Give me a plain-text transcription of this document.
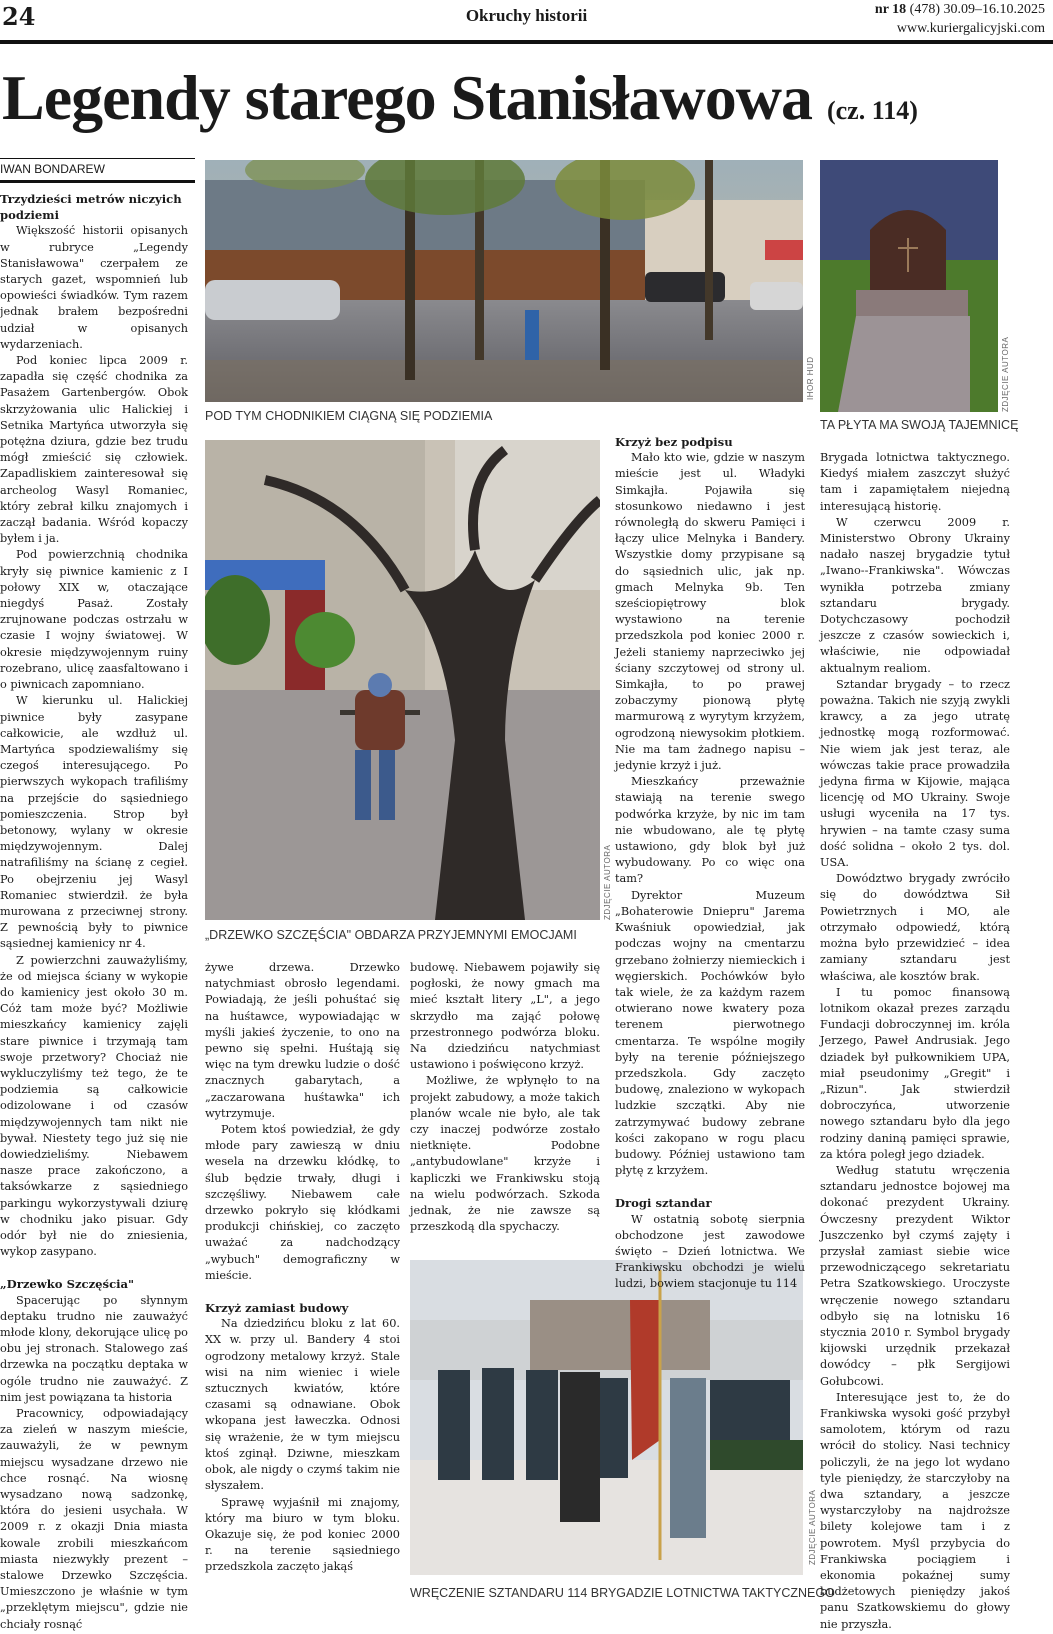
24	Okruchy historii	nr 18 (478) 30.09–16.10.2025
www.kuriergalicyjski.com
Legendy starego Stanisławowa (cz. 114)
IWAN BONDAREW
IHOR HUD
POD TYM CHODNIKIEM CIĄGNĄ SIĘ PODZIEMIA
ZDJĘCIE AUTORA
TA PŁYTA MA SWOJĄ TAJEMNICĘ
ZDJĘCIE AUTORA
„DRZEWKO SZCZĘŚCIA" OBDARZA PRZYJEMNYMI EMOCJAMI
ZDJĘCIE AUTORA
WRĘCZENIE SZTANDARU 114 BRYGADZIE LOTNICTWA TAKTYCZNEGO
Trzydzieści metrów niczyich podziemi

Większość historii opisanych w rubryce „Legendy Stanisławowa" czerpałem ze starych gazet, wspomnień lub opowieści świadków. Tym razem jednak brałem bezpośredni udział w opisanych wydarzeniach.

Pod koniec lipca 2009 r. zapadła się część chodnika za Pasażem Gartenbergów. Obok skrzyżowania ulic Halickiej i Setnika Martyńca utworzyła się potężna dziura, gdzie bez trudu mógł zmieścić się człowiek. Zapadliskiem zainteresował się archeolog Wasyl Romaniec, który zebrał kilku znajomych i zaczął badania. Wśród kopaczy byłem i ja.

Pod powierzchnią chodnika kryły się piwnice kamienic z I połowy XIX w, otaczające niegdyś Pasaż. Zostały zrujnowane podczas ostrzału w czasie I wojny światowej. W okresie międzywojennym ruiny rozebrano, ulicę zaasfaltowano i o piwnicach zapomniano.

W kierunku ul. Halickiej piwnice były zasypane całkowicie, ale wzdłuż ul. Martyńca spodziewaliśmy się czegoś interesującego. Po pierwszych wykopach trafiliśmy na przejście do sąsiedniego pomieszczenia. Strop był betonowy, wylany w okresie międzywojennym. Dalej natrafiliśmy na ścianę z cegieł. Po obejrzeniu jej Wasyl Romaniec stwierdził. że była murowana z przeciwnej strony. Z pewnością były to piwnice sąsiednej kamienicy nr 4.

Z powierzchni zauważyliśmy, że od miejsca ściany w wykopie do kamienicy jest około 30 m. Cóż tam może być? Możliwie mieszkańcy kamienicy zajęli stare piwnice i trzymają tam swoje przetwory? Chociaż nie wykluczyliśmy też tego, że te podziemia są całkowicie odizolowane i od czasów międzywojennych tam nikt nie bywał. Niestety tego już się nie dowiedzieliśmy. Niebawem nasze prace zakończono, a taksówkarze z sąsiedniego parkingu wykorzystywali dziurę w chodniku jako pisuar. Gdy odór był nie do zniesienia, wykop zasypano.

„Drzewko Szczęścia"

Spacerując po słynnym deptaku trudno nie zauważyć młode klony, dekorujące ulicę po obu jej stronach. Stalowego zaś drzewka na początku deptaka w ogóle trudno nie zauważyć. Z nim jest powiązana ta historia

Pracownicy, odpowiadający za zieleń w naszym mieście, zauważyli, że w pewnym miejscu wysadzane drzewo nie chce rosnąć. Na wiosnę wysadzano nową sadzonkę, która do jesieni usychała. W 2009 r. z okazji Dnia miasta kowale zrobili mieszkańcom miasta niezwykły prezent – stalowe Drzewko Szczęścia. Umieszczono je właśnie w tym „przeklętym miejscu", gdzie nie chciały rosnąć

żywe drzewa. Drzewko natychmiast obrosło legendami. Powiadają, że jeśli pohuśtać się na huśtawce, wypowiadając w myśli jakieś życzenie, to ono na pewno się spełni. Huśtają się więc na tym drewku ludzie o dość znacznych gabarytach, a „zaczarowana huśtawka" ich wytrzymuje.

Potem ktoś powiedział, że gdy młode pary zawieszą w dniu wesela na drzewku kłódkę, to ślub będzie trwały, długi i szczęśliwy. Niebawem całe drzewko pokryło się kłódkami produkcji chińskiej, co zaczęto uważać za nadchodzący „wybuch" demograficzny w mieście.

Krzyż zamiast budowy

Na dziedzińcu bloku z lat 60. XX w. przy ul. Bandery 4 stoi ogrodzony metalowy krzyż. Stale wisi na nim wieniec i wiele sztucznych kwiatów, które czasami są odnawiane. Obok wkopana jest ławeczka. Odnosi się wrażenie, że w tym miejscu ktoś zginął. Dziwne, mieszkam obok, ale nigdy o czymś takim nie słyszałem.

Sprawę wyjaśnił mi znajomy, który ma biuro w tym bloku. Okazuje się, że pod koniec 2000 r. na terenie sąsiedniego przedszkola zaczęto jakąś

budowę. Niebawem pojawiły się pogłoski, że nowy gmach ma mieć kształt litery „L", a jego skrzydło ma zająć połowę przestronnego podwórza bloku. Na dziedzińcu natychmiast ustawiono i poświęcono krzyż.

Możliwe, że wpłynęło to na projekt zabudowy, a może takich planów wcale nie było, ale tak czy inaczej podwórze zostało nietknięte. Podobne „antybudowlane" krzyże i kapliczki we Frankiwsku stoją na wielu podwórzach. Szkoda jednak, że nie zawsze są przeszkodą dla spychaczy.

Krzyż bez podpisu

Mało kto wie, gdzie w naszym mieście jest ul. Władyki Simkajła. Pojawiła się stosunkowo niedawno i jest równoległą do skweru Pamięci i łączy ulice Melnyka i Bandery. Wszystkie domy przypisane są do sąsiednich ulic, jak np. gmach Melnyka 9b. Ten sześciopiętrowy blok wystawiono na terenie przedszkola pod koniec 2000 r. Jeżeli staniemy naprzeciwko jej ściany szczytowej od strony ul. Simkajła, to po prawej zobaczymy pionową płytę marmurową z wyrytym krzyżem, ogrodzoną niewysokim płotkiem. Nie ma tam żadnego napisu – jedynie krzyż i już.

Mieszkańcy przeważnie stawiają na terenie swego podwórka krzyże, by nic im tam nie wbudowano, ale tę płytę ustawiono, gdy blok był już wybudowany. Po co więc ona tam?

Dyrektor Muzeum „Bohaterowie Dniepru" Jarema Kwaśniuk opowiedział, jak podczas wojny na cmentarzu grzebano żołnierzy niemieckich i węgierskich. Pochówków było tak wiele, że za każdym razem otwierano nowe kwatery poza terenem pierwotnego cmentarza. Te wspólne mogiły były na terenie późniejszego przedszkola. Gdy zaczęto budowę, znaleziono w wykopach ludzkie szczątki. Aby nie zatrzymywać budowy zebrane kości zakopano w rogu placu budowy. Później ustawiono tam płytę z krzyżem.

Drogi sztandar

W ostatnią sobotę sierpnia obchodzone jest zawodowe święto – Dzień lotnictwa. We Frankiwsku obchodzi je wielu ludzi, bowiem stacjonuje tu 114

Brygada lotnictwa taktycznego. Kiedyś miałem zaszczyt służyć tam i zapamiętałem niejedną interesującą historię.

W czerwcu 2009 r. Ministerstwo Obrony Ukrainy nadało naszej brygadzie tytuł „Iwano--Frankiwska". Wówczas wynikła potrzeba zmiany sztandaru brygady. Dotychczasowy pochodził jeszcze z czasów sowieckich i, właściwie, nie odpowiadał aktualnym realiom.

Sztandar brygady – to rzecz poważna. Takich nie szyją zwykli krawcy, a za jego utratę jednostkę mogą rozformować. Nie wiem jak jest teraz, ale wówczas takie prace prowadziła jedyna firma w Kijowie, mająca licencję od MO Ukrainy. Swoje usługi wyceniła na 17 tys. hrywien – na tamte czasy suma dość solidna – około 2 tys. dol. USA.

Dowództwo brygady zwróciło się do dowództwa Sił Powietrznych i MO, ale otrzymało odpowiedź, którą można było przewidzieć – idea zamiany sztandaru jest właściwa, ale kosztów brak.

I tu pomoc finansową lotnikom okazał prezes zarządu Fundacji dobroczynnej im. króla Jerzego, Paweł Andrusiak. Jego dziadek był pułkownikiem UPA, miał pseudonimy „Gregit" i „Rizun". Jak stwierdził dobroczyńca, utworzenie nowego sztandaru było dla jego rodziny daniną pamięci sprawie, za która poległ jego dziadek.

Według statutu wręczenia sztandaru jednostce bojowej ma dokonać prezydent Ukrainy. Ówczesny prezydent Wiktor Juszczenko był czymś zajęty i przysłał zamiast siebie wice przewodniczącego sekretariatu Petra Szatkowskiego. Uroczyste wręczenie nowego sztandaru odbyło się na lotnisku 16 stycznia 2010 r. Symbol brygady kijowski urzędnik przekazał dowódcy – płk Sergijowi Gołubcowi.

Interesujące jest to, że do Frankiwska wysoki gość przybył samolotem, którym od razu wrócił do stolicy. Nasi technicy policzyli, że na jego lot wydano tyle pieniędzy, że starczyłoby na dwa sztandary, a jeszcze wystarczyłoby na najdroższe bilety kolejowe tam i z powrotem. Myśl przybycia do Frankiwska pociągiem i ekonomia pokaźnej sumy budżetowych pieniędzy jakoś panu Szatkowskiemu do głowy nie przyszła.
